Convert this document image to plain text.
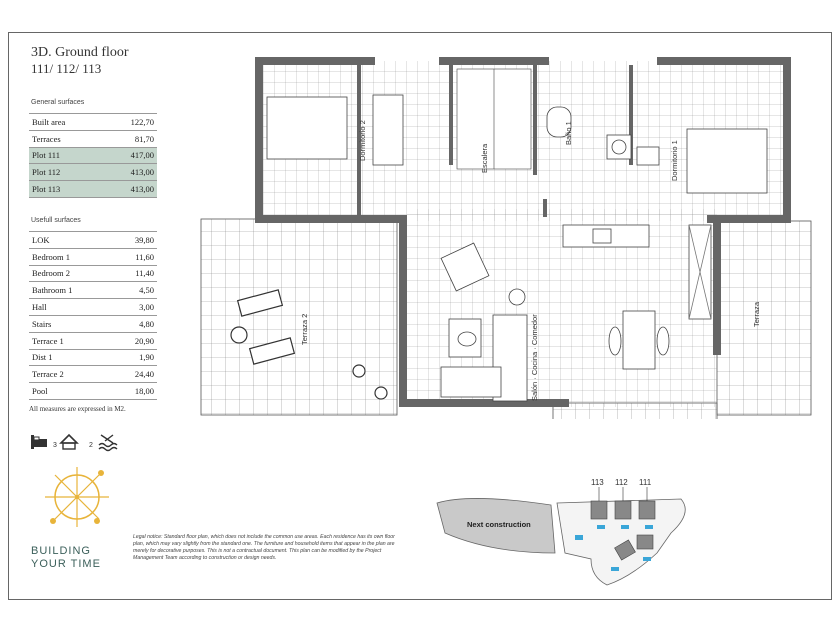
3D. Ground floor
111/ 112/ 113
General surfaces
Built area	122,70
Terraces	81,70
Plot 111	417,00
Plot 112	413,00
Plot 113	413,00
Usefull surfaces
LOK	39,80
Bedroom 1	11,60
Bedroom 2	11,40
Bathroom 1	4,50
Hall	3,00
Stairs	4,80
Terrace 1	20,90
Dist 1	1,90
Terrace 2	24,40
Pool	18,00
All measures are expressed in M2.
3	2
BUILDING
YOUR TIME
Legal notice: Standard floor plan, which does not include the common use areas. Each residence has its own floor plan, which may vary slightly from the standard one. The furniture and household items that appear in the plan are merely for decorative purposes. This is not a contractual document. This plan can be modified by the Project Management Team according to construction or design needs.
Dormitorio 2	Escalera
Baño 1
Dormitorio 1
Terraza 2	Salón · Cocina · Comedor	Terraza
113 112 111
Next construction
